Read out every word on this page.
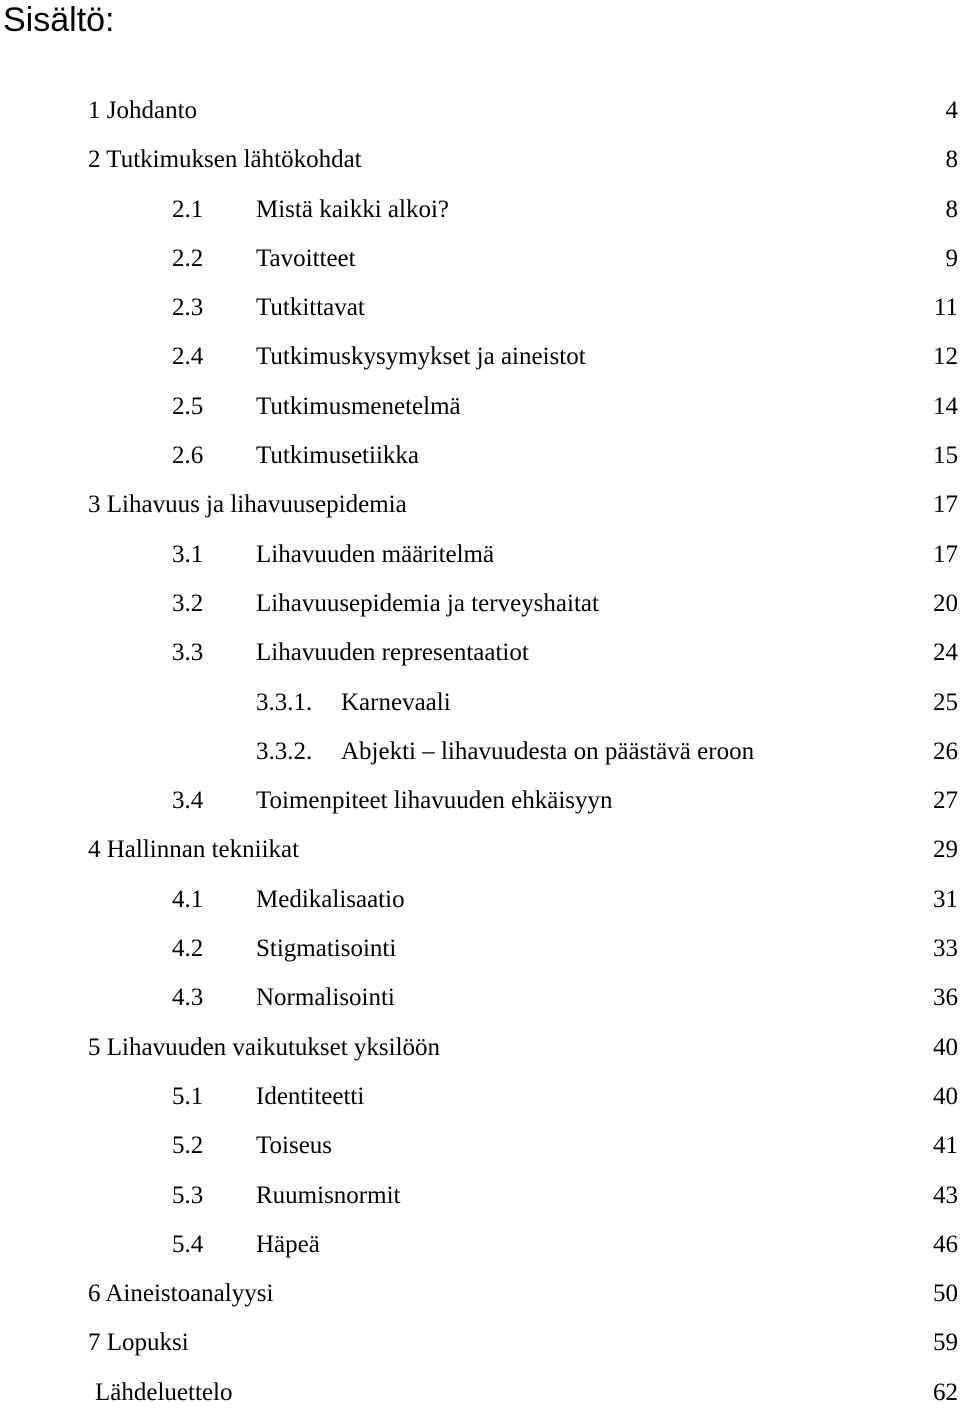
Sisältö:
1 Johdanto	4
2 Tutkimuksen lähtökohdat	8
2.1 Mistä kaikki alkoi?	8
2.2 Tavoitteet	9
2.3 Tutkittavat	11
2.4 Tutkimuskysymykset ja aineistot	12
2.5 Tutkimusmenetelmä	14
2.6 Tutkimusetiikka	15
3 Lihavuus ja lihavuusepidemia	17
3.1 Lihavuuden määritelmä	17
3.2 Lihavuusepidemia ja terveyshaitat	20
3.3 Lihavuuden representaatiot	24
3.3.1. Karnevaali	25
3.3.2. Abjekti – lihavuudesta on päästävä eroon	26
3.4 Toimenpiteet lihavuuden ehkäisyyn	27
4 Hallinnan tekniikat	29
4.1 Medikalisaatio	31
4.2 Stigmatisointi	33
4.3 Normalisointi	36
5 Lihavuuden vaikutukset yksilöön	40
5.1 Identiteetti	40
5.2 Toiseus	41
5.3 Ruumisnormit	43
5.4 Häpeä	46
6 Aineistoanalyysi	50
7 Lopuksi	59
Lähdeluettelo	62
